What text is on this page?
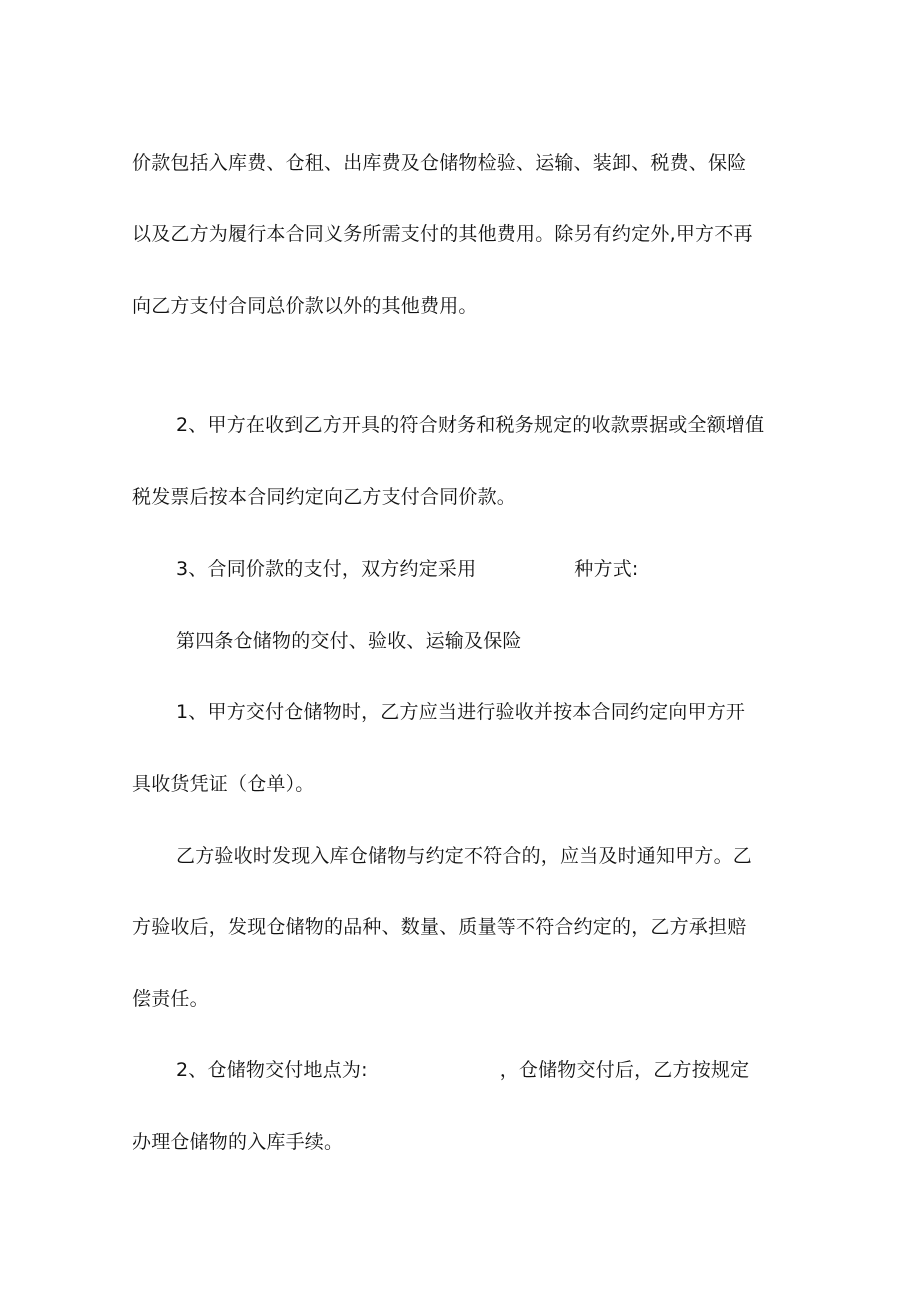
价款包括入库费、仓租、出库费及仓储物检验、运输、装卸、税费、保险
以及乙方为履行本合同义务所需支付的其他费用。除另有约定外,甲方不再
向乙方支付合同总价款以外的其他费用。
2、甲方在收到乙方开具的符合财务和税务规定的收款票据或全额增值
税发票后按本合同约定向乙方支付合同价款。
3、合同价款的支付，双方约定采用	种方式:
第四条仓储物的交付、验收、运输及保险
1、甲方交付仓储物时，乙方应当进行验收并按本合同约定向甲方开
具收货凭证（仓单）。
乙方验收时发现入库仓储物与约定不符合的，应当及时通知甲方。乙
方验收后，发现仓储物的品种、数量、质量等不符合约定的，乙方承担赔
偿责任。
2、仓储物交付地点为:	，仓储物交付后，乙方按规定
办理仓储物的入库手续。
